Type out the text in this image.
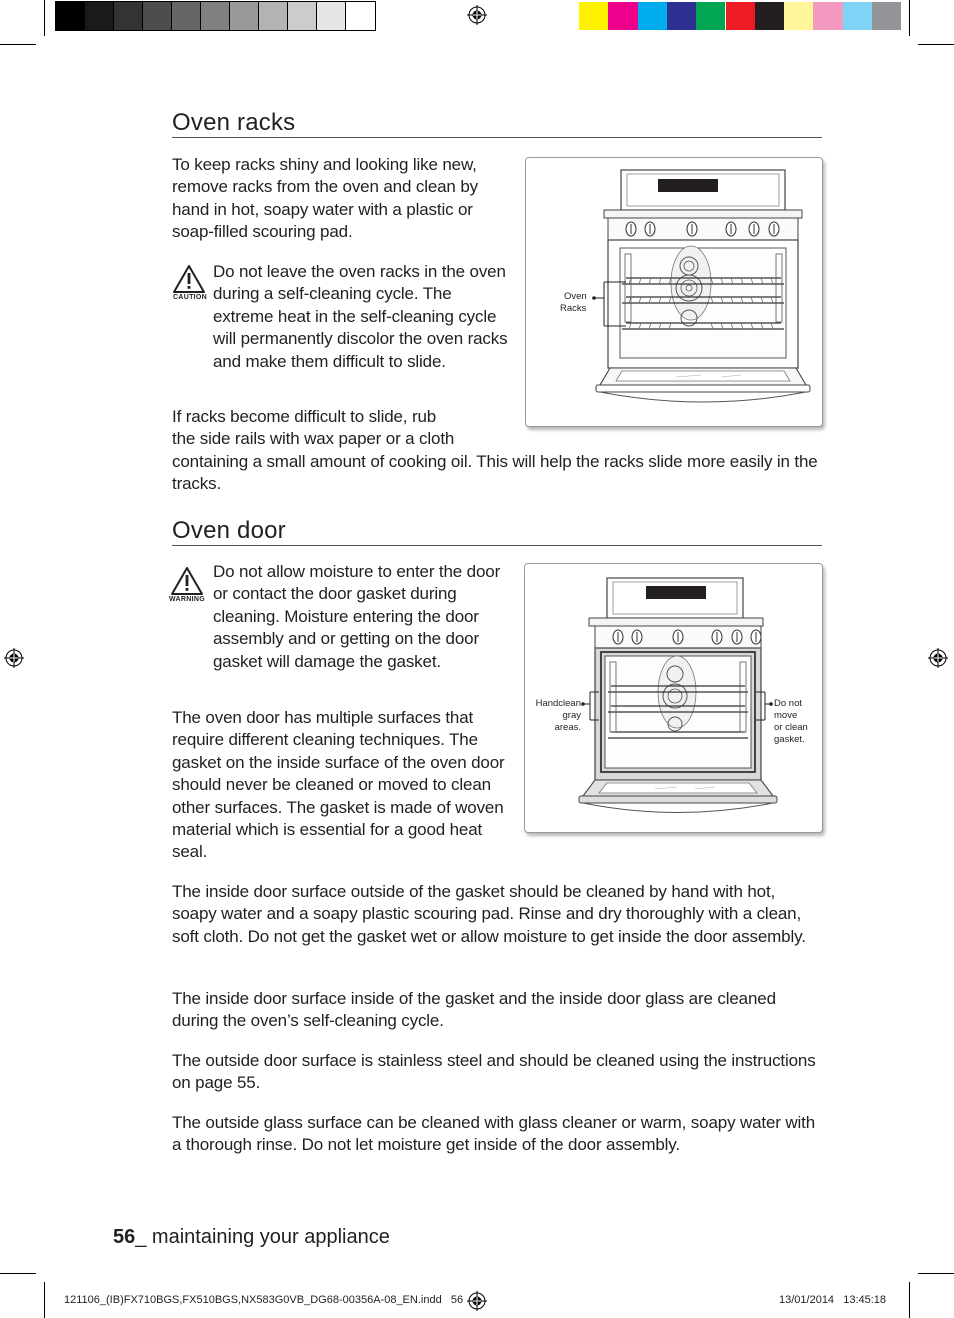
Oven racks

To keep racks shiny and looking like new, remove racks from the oven and clean by hand in hot, soapy water with a plastic or soap-filled scouring pad.

CAUTION

Do not leave the oven racks in the oven during a self-cleaning cycle. The extreme heat in the self-cleaning cycle will permanently discolor the oven racks and make them difficult to slide.

If racks become difficult to slide, rub

the side rails with wax paper or a cloth

containing a small amount of cooking oil. This will help the racks slide more easily in the tracks.

Oven
Racks
Oven door
WARNING

Do not allow moisture to enter the door or contact the door gasket during cleaning. Moisture entering the door assembly and or getting on the door gasket will damage the gasket.

The oven door has multiple surfaces that require different cleaning techniques. The gasket on the inside surface of the oven door should never be cleaned or moved to clean other surfaces. The gasket is made of woven material which is essential for a good heat seal.

Handclean
gray
areas.
Do not
move
or clean
gasket.

The inside door surface outside of the gasket should be cleaned by hand with hot, soapy water and a soapy plastic scouring pad. Rinse and dry thoroughly with a clean, soft cloth. Do not get the gasket wet or allow moisture to get inside the door assembly.

The inside door surface inside of the gasket and the inside door glass are cleaned during the oven’s self-cleaning cycle.

The outside door surface is stainless steel and should be cleaned using the instructions on page 55.

The outside glass surface can be cleaned with glass cleaner or warm, soapy water with a thorough rinse. Do not let moisture get inside of the door assembly.

56_ maintaining your appliance
121106_(IB)FX710BGS,FX510BGS,NX583G0VB_DG68-00356A-08_EN.indd   56	13/01/2014   13:45:18
